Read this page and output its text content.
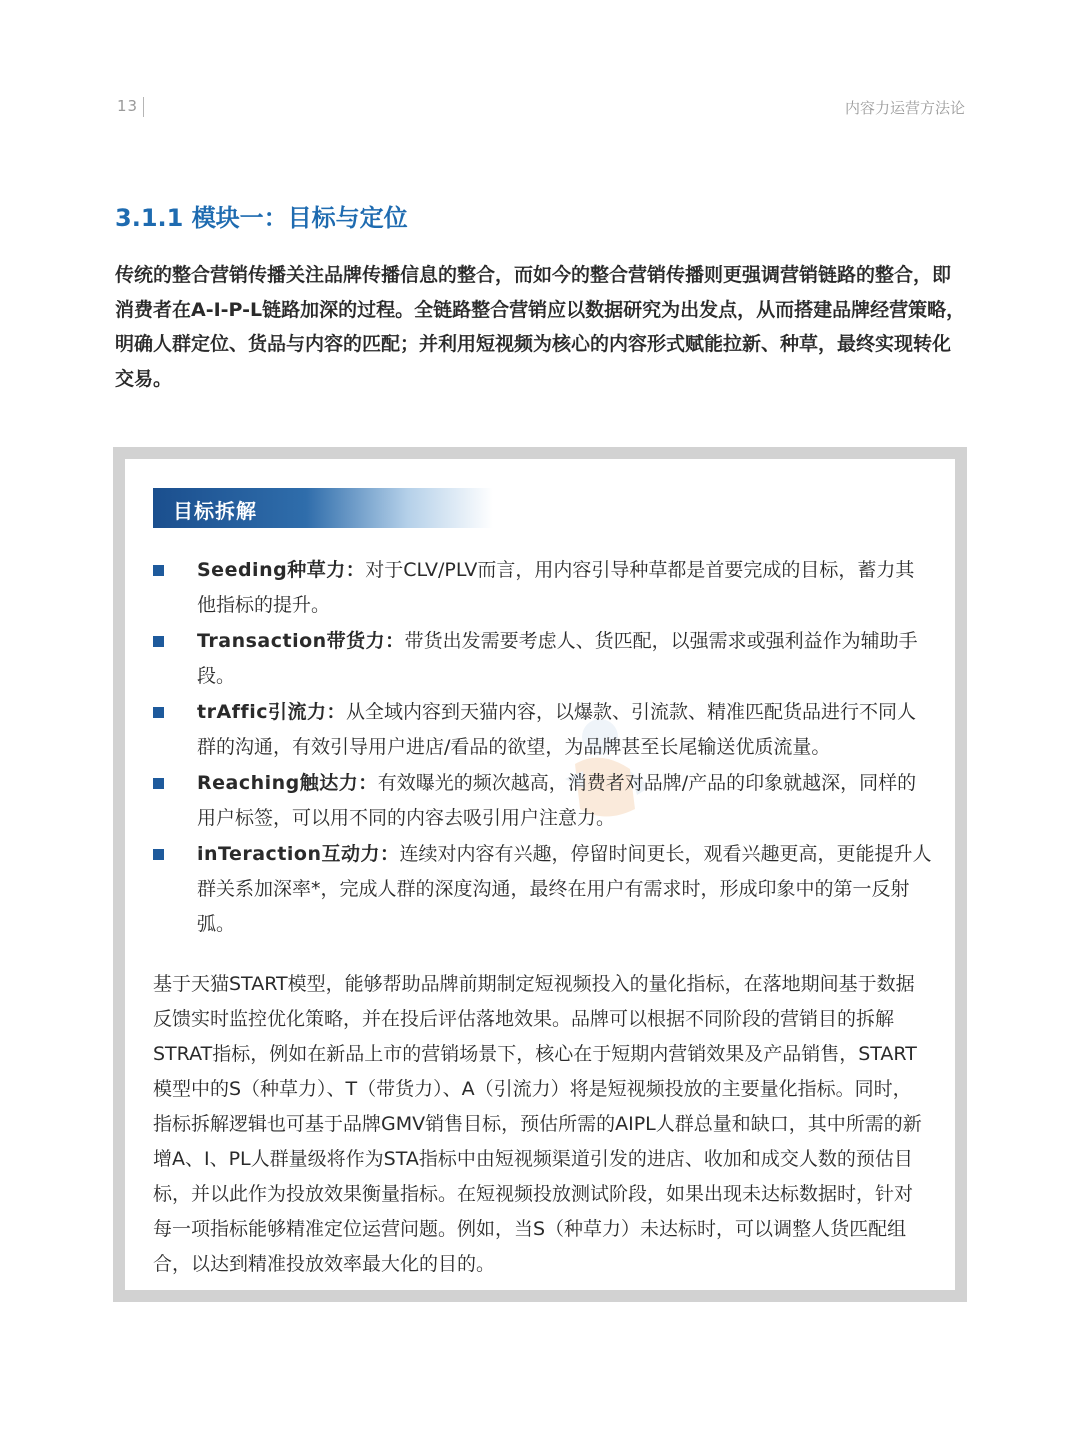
13	内容力运营方法论
3.1.1 模块一：目标与定位

传统的整合营销传播关注品牌传播信息的整合，而如今的整合营销传播则更强调营销链路的整合，即消费者在A-I-P-L链路加深的过程。全链路整合营销应以数据研究为出发点，从而搭建品牌经营策略，明确人群定位、货品与内容的匹配；并利用短视频为核心的内容形式赋能拉新、种草，最终实现转化交易。

目标拆解
Seeding种草力：对于CLV/PLV而言，用内容引导种草都是首要完成的目标，蓄力其他指标的提升。
Transaction带货力：带货出发需要考虑人、货匹配，以强需求或强利益作为辅助手段。
trAffic引流力：从全域内容到天猫内容，以爆款、引流款、精准匹配货品进行不同人群的沟通，有效引导用户进店/看品的欲望，为品牌甚至长尾输送优质流量。
Reaching触达力：有效曝光的频次越高，消费者对品牌/产品的印象就越深，同样的用户标签，可以用不同的内容去吸引用户注意力。
inTeraction互动力：连续对内容有兴趣，停留时间更长，观看兴趣更高，更能提升人群关系加深率*，完成人群的深度沟通，最终在用户有需求时，形成印象中的第一反射弧。

基于天猫START模型，能够帮助品牌前期制定短视频投入的量化指标，在落地期间基于数据反馈实时监控优化策略，并在投后评估落地效果。品牌可以根据不同阶段的营销目的拆解STRAT指标，例如在新品上市的营销场景下，核心在于短期内营销效果及产品销售，START模型中的S（种草力）、T（带货力）、A（引流力）将是短视频投放的主要量化指标。同时，指标拆解逻辑也可基于品牌GMV销售目标，预估所需的AIPL人群总量和缺口，其中所需的新增A、I、PL人群量级将作为STA指标中由短视频渠道引发的进店、收加和成交人数的预估目标，并以此作为投放效果衡量指标。在短视频投放测试阶段，如果出现未达标数据时，针对每一项指标能够精准定位运营问题。例如，当S（种草力）未达标时，可以调整人货匹配组合，以达到精准投放效率最大化的目的。
